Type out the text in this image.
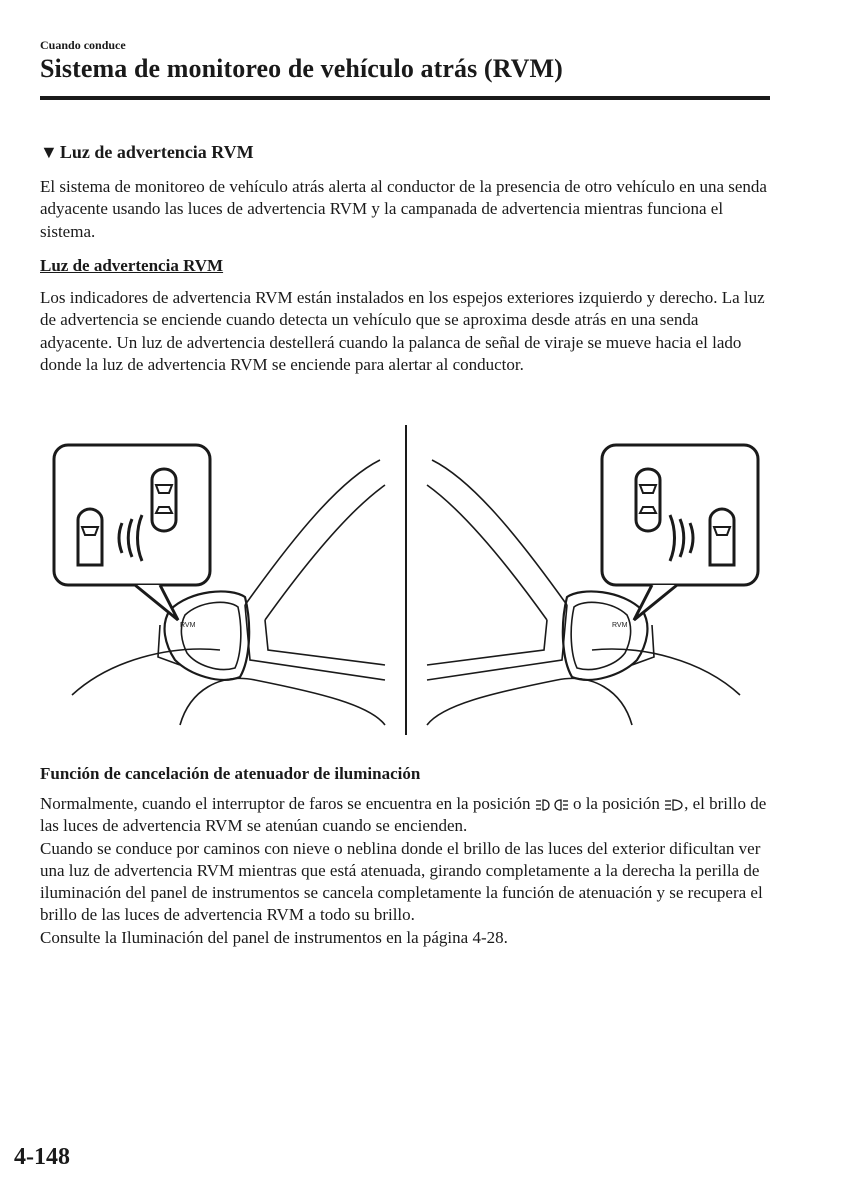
Cuando conduce
Sistema de monitoreo de vehículo atrás (RVM)
▼ Luz de advertencia RVM
El sistema de monitoreo de vehículo atrás alerta al conductor de la presencia de otro vehículo en una senda adyacente usando las luces de advertencia RVM y la campanada de advertencia mientras funciona el sistema.
Luz de advertencia RVM
Los indicadores de advertencia RVM están instalados en los espejos exteriores izquierdo y derecho. La luz de advertencia se enciende cuando detecta un vehículo que se aproxima desde atrás en una senda adyacente. Un luz de advertencia destellerá cuando la palanca de señal de viraje se mueve hacia el lado donde la luz de advertencia RVM se enciende para alertar al conductor.
RVM	RVM
Función de cancelación de atenuador de iluminación
Normalmente, cuando el interruptor de faros se encuentra en la posición	o la posición , el brillo de las luces de advertencia RVM se atenúan cuando se encienden.
Cuando se conduce por caminos con nieve o neblina donde el brillo de las luces del exterior dificultan ver una luz de advertencia RVM mientras que está atenuada, girando completamente a la derecha la perilla de iluminación del panel de instrumentos se cancela completamente la función de atenuación y se recupera el brillo de las luces de advertencia RVM a todo su brillo.
Consulte la Iluminación del panel de instrumentos en la página 4-28.
4-148
